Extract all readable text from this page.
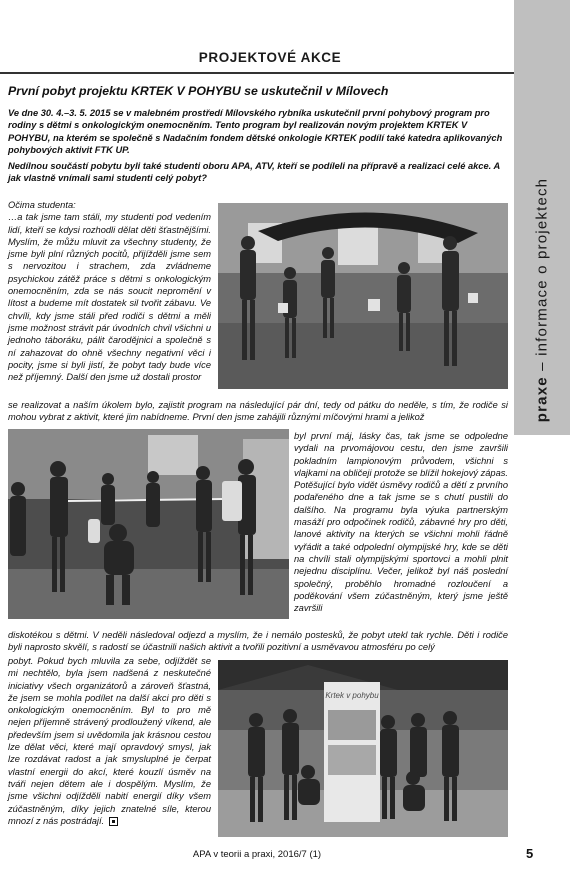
praxe – informace o projektech
PROJEKTOVÉ AKCE
První pobyt projektu KRTEK V POHYBU se uskutečnil v Mílovech

Ve dne 30. 4.–3. 5. 2015 se v malebném prostředí Mílovského rybníka uskutečnil první pohybový program pro rodiny s dětmi s onkologickým onemocněním. Tento program byl realizován novým projektem KRTEK V POHYBU, na kterém se společně s Nadačním fondem dětské onkologie KRTEK podílí také katedra aplikovaných pohybových aktivit FTK UP.

Nedílnou součástí pobytu byli také studenti oboru APA, ATV, kteří se podíleli na přípravě a realizaci celé akce. A jak vlastně vnímali sami studenti celý pobyt?

Očima studenta:

…a tak jsme tam stáli, my studenti pod vedením lidí, kteří se kdysi rozhodli dělat děti šťastnějšími. Myslím, že můžu mluvit za všechny studenty, že jsme byli plní různých pocitů, přijížděli jsme sem s nervozitou i strachem, zda zvládneme psychickou zátěž práce s dětmi s onkologickým onemocněním, zda se nás soucit nepromění v lítost a budeme mít dostatek sil tvořit zábavu. Ve chvíli, kdy jsme stáli před rodiči s dětmi a měli jsme možnost strávit pár úvodních chvil všichni u jednoho táboráku, pálit čarodějnici a společně s ní zahazovat do ohně všechny negativní věci i pocity, jsme si byli jistí, že pobyt tady bude více než příjemný. Další den jsme už dostali prostor

se realizovat a naším úkolem bylo, zajistit program na následující pár dní, tedy od pátku do neděle, s tím, že rodiče si mohou vybrat z aktivit, které jim nabídneme. První den jsme zahájili různými míčovými hrami a jelikož
byl první máj, lásky čas, tak jsme se odpoledne vydali na prvomájovou cestu, den jsme završili pokladním lampionovým průvodem, všichni s vlajkami na obličeji protože se blížil hokejový zápas. Potěšující bylo vidět úsměvy rodičů a dětí z prvního podařeného dne a tak jsme se s chutí pustili do dalšího. Na programu byla výuka partnerským masáží pro odpočinek rodičů, zábavné hry pro děti, lanové aktivity na kterých se všichni mohli řádně vyřádit a také odpolední olympijské hry, kde se děti na chvíli stali olympijskými sportovci a mohli plnit nejednu disciplínu. Večer, jelikož byl náš poslední společný, proběhlo hromadné rozloučení a poděkování všem zúčastněným, který jsme ještě završili
diskotékou s dětmi. V neděli následoval odjezd a myslím, že i nemálo postesků, že pobyt utekl tak rychle. Děti i rodiče byli naprosto skvělí, s radostí se účastnili našich aktivit a tvořili pozitivní a usměvavou atmosféru po celý

pobyt. Pokud bych mluvila za sebe, odjíždět se mi nechtělo, byla jsem nadšená z neskutečné iniciativy všech organizátorů a zároveň šťastná, že jsem se mohla podílet na další akci pro děti s onkologickým onemocněním. Byl to pro mě nejen příjemně strávený prodloužený víkend, ale především jsem si uvědomila jak krásnou cestou lze dělat věci, které mají opravdový smysl, jak lze rozdávat radost a jak smysluplné je čerpat vlastní energii do akcí, které kouzlí úsměv na tváři nejen dětem ale i dospělým. Myslím, že jsme všichni odjížděli nabití energií díky všem zúčastněným, díky jejich znatelné síle, kterou mnozí z nás postrádají.

Krtek v pohybu
APA v teorii a praxi, 2016/7 (1)	5
